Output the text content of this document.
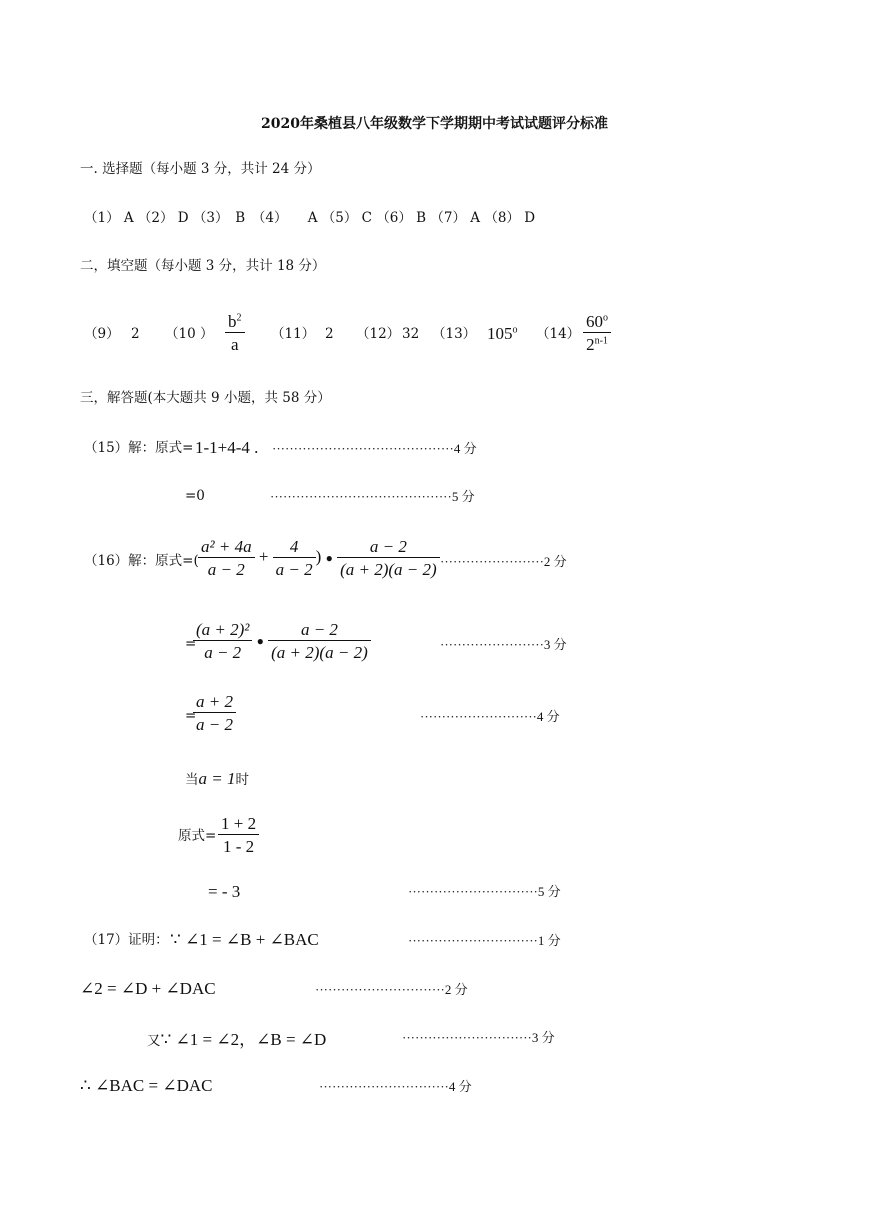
2020年桑植县八年级数学下学期期中考试试题评分标准
一. 选择题（每小题 3 分，共计 24 分）
（1） A （2） D （3）　B　（4）　　A （5） C （6） B （7） A （8） D
二，填空题（每小题 3 分，共计 18 分）
（9） 2 （10 ） $\frac{b^2}{a} (11)$ 2 （12） 32 （13） 105$^o$ $(14) \frac{60^o}{2^{n-1}}$
三，解答题(本大题共 9 小题，共 58 分）
（15）解：原式= 1-1+4-4 . ··········································4 分
=0	··········································5 分
（16）解：原式=( $\frac{\text{a² + 4a}}{a - 2} + \frac{4}{a - 2}$ ) ● $\frac{a - 2}{(a + 2)(a - 2)} \cdot\cdot\cdot\cdot\cdot\cdot\cdot\cdot\cdot\cdot\cdot\cdot\cdot\cdot\cdot\cdot\cdot\cdot\cdot\cdot\cdot\cdot\cdot\cdot 2$ 分
=
$\frac{\text{(a + 2)²}}{a - 2}$ ● $\frac{a - 2}{(a + 2)(a - 2)}$	························3 分
=
$\frac{a + 2}{a - 2}$	···························4 分
当a = 1时
原式= $\frac{1 + 2}{1 - 2}$
= - 3	······························5 分
（17）证明： ∵ ∠1 = ∠B + ∠BAC	······························1 分
∠2 = ∠D + ∠DAC	······························2 分
又∵ ∠1 = ∠2，∠B = ∠D	······························3 分
∴ ∠BAC = ∠DAC	······························4 分
